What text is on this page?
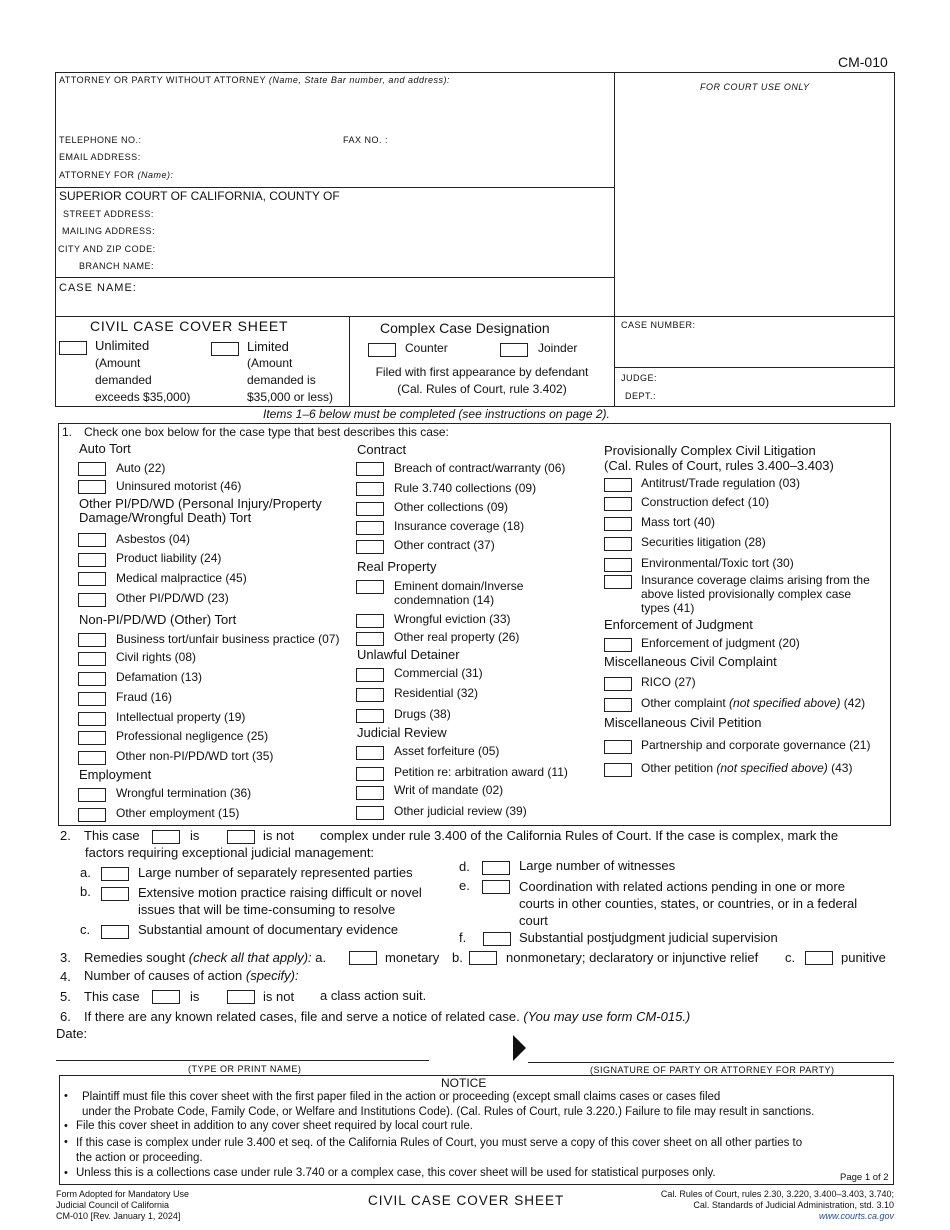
CM-010
ATTORNEY OR PARTY WITHOUT ATTORNEY (Name, State Bar number, and address):
FOR COURT USE ONLY
TELEPHONE NO.:	FAX NO. :
EMAIL ADDRESS:
ATTORNEY FOR (Name):
SUPERIOR COURT OF CALIFORNIA, COUNTY OF
STREET ADDRESS:
MAILING ADDRESS:
CITY AND ZIP CODE:
BRANCH NAME:
CASE NAME:
CASE NUMBER:
JUDGE:
DEPT.:
CIVIL CASE COVER SHEET
Unlimited
(Amount
demanded
exceeds $35,000)
Limited
(Amount
demanded is
$35,000 or less)
Complex Case Designation
Counter	Joinder
Filed with first appearance by defendant
(Cal. Rules of Court, rule 3.402)
Items 1–6 below must be completed (see instructions on page 2).
1. Check one box below for the case type that best describes this case:
Auto Tort
Auto (22)
Uninsured motorist (46)
Other PI/PD/WD (Personal Injury/Property
Damage/Wrongful Death) Tort
Asbestos (04)
Product liability (24)
Medical malpractice (45)
Other PI/PD/WD (23)
Non-PI/PD/WD (Other) Tort
Business tort/unfair business practice (07)
Civil rights (08)
Defamation (13)
Fraud (16)
Intellectual property (19)
Professional negligence (25)
Other non-PI/PD/WD tort (35)
Employment
Wrongful termination (36)
Other employment (15)
Contract
Breach of contract/warranty (06)
Rule 3.740 collections (09)
Other collections (09)
Insurance coverage (18)
Other contract (37)
Real Property
Eminent domain/Inverse
condemnation (14)
Wrongful eviction (33)
Other real property (26)
Unlawful Detainer
Commercial (31)
Residential (32)
Drugs (38)
Judicial Review
Asset forfeiture (05)
Petition re: arbitration award (11)
Writ of mandate (02)
Other judicial review (39)
Provisionally Complex Civil Litigation
(Cal. Rules of Court, rules 3.400–3.403)
Antitrust/Trade regulation (03)
Construction defect (10)
Mass tort (40)
Securities litigation (28)
Environmental/Toxic tort (30)
Insurance coverage claims arising from the
above listed provisionally complex case
types (41)
Enforcement of Judgment
Enforcement of judgment (20)
Miscellaneous Civil Complaint
RICO (27)
Other complaint (not specified above) (42)
Miscellaneous Civil Petition
Partnership and corporate governance (21)
Other petition (not specified above) (43)
2. This case	is	is not complex under rule 3.400 of the California Rules of Court. If the case is complex, mark the
factors requiring exceptional judicial management:
a.	Large number of separately represented parties
b.	Extensive motion practice raising difficult or novel
issues that will be time-consuming to resolve
c.	Substantial amount of documentary evidence
d.	Large number of witnesses
e.	Coordination with related actions pending in one or more
courts in other counties, states, or countries, or in a federal
court
f.	Substantial postjudgment judicial supervision
3. Remedies sought (check all that apply): a.	monetary b.	nonmonetary; declaratory or injunctive relief c.	punitive
4. Number of causes of action (specify):
5. This case	is	is not a class action suit.
6. If there are any known related cases, file and serve a notice of related case. (You may use form CM-015.)
Date:
(TYPE OR PRINT NAME)	(SIGNATURE OF PARTY OR ATTORNEY FOR PARTY)
NOTICE
• Plaintiff must file this cover sheet with the first paper filed in the action or proceeding (except small claims cases or cases filed
under the Probate Code, Family Code, or Welfare and Institutions Code). (Cal. Rules of Court, rule 3.220.) Failure to file may result in sanctions.
• File this cover sheet in addition to any cover sheet required by local court rule.
• If this case is complex under rule 3.400 et seq. of the California Rules of Court, you must serve a copy of this cover sheet on all other parties to
the action or proceeding.
• Unless this is a collections case under rule 3.740 or a complex case, this cover sheet will be used for statistical purposes only.	Page 1 of 2
Form Adopted for Mandatory Use
Judicial Council of California
CM-010 [Rev. January 1, 2024]
CIVIL CASE COVER SHEET	Cal. Rules of Court, rules 2.30, 3.220, 3.400–3.403, 3.740;
Cal. Standards of Judicial Administration, std. 3.10
www.courts.ca.gov
